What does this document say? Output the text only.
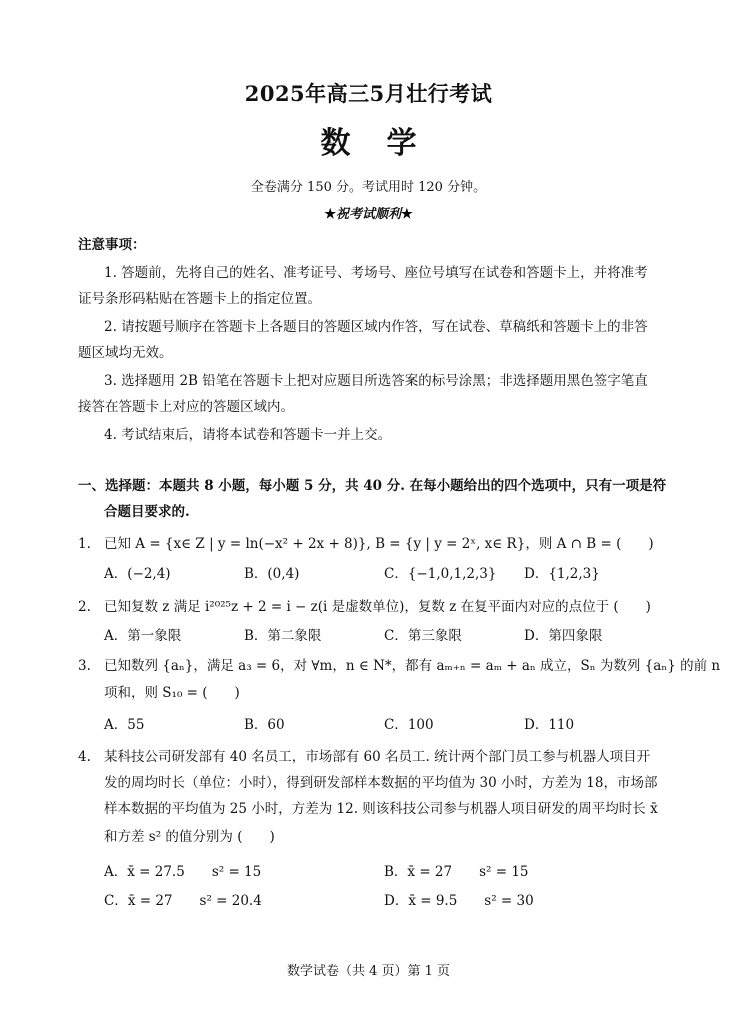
2025年高三5月壮行考试
数 学
全卷满分 150 分。考试用时 120 分钟。
★祝考试顺利★
注意事项：
1. 答题前，先将自己的姓名、准考证号、考场号、座位号填写在试卷和答题卡上，并将准考
证号条形码粘贴在答题卡上的指定位置。
2. 请按题号顺序在答题卡上各题目的答题区域内作答，写在试卷、草稿纸和答题卡上的非答
题区域均无效。
3. 选择题用 2B 铅笔在答题卡上把对应题目所选答案的标号涂黑；非选择题用黑色签字笔直
接答在答题卡上对应的答题区域内。
4. 考试结束后，请将本试卷和答题卡一并上交。
一、选择题：本题共 8 小题，每小题 5 分，共 40 分. 在每小题给出的四个选项中，只有一项是符
合题目要求的.
1. 已知 A = {x∈ Z | y = ln(−x² + 2x + 8)}, B = {y | y = 2ˣ, x∈ R}，则 A ∩ B = (　　)
A．(−2,4)	B．(0,4)	C．{−1,0,1,2,3} D．{1,2,3}
2. 已知复数 z 满足 i²⁰²⁵z + 2 = i − z(i 是虚数单位)，复数 z 在复平面内对应的点位于 (　　)
A．第一象限	B．第二象限	C．第三象限	D．第四象限
3. 已知数列 {aₙ}，满足 a₃ = 6，对 ∀m，n ∈ N*，都有 aₘ₊ₙ = aₘ + aₙ 成立，Sₙ 为数列 {aₙ} 的前 n
项和，则 S₁₀ = (　　)
A．55	B．60	C．100	D．110
4. 某科技公司研发部有 40 名员工，市场部有 60 名员工. 统计两个部门员工参与机器人项目开
发的周均时长（单位：小时），得到研发部样本数据的平均值为 30 小时，方差为 18，市场部
样本数据的平均值为 25 小时，方差为 12. 则该科技公司参与机器人项目研发的周平均时长 x̄
和方差 s² 的值分别为 (　　)
A．x̄ = 27.5　　s² = 15	B．x̄ = 27　　s² = 15
C．x̄ = 27　　s² = 20.4	D．x̄ = 9.5　　s² = 30
数学试卷（共 4 页）第 1 页
